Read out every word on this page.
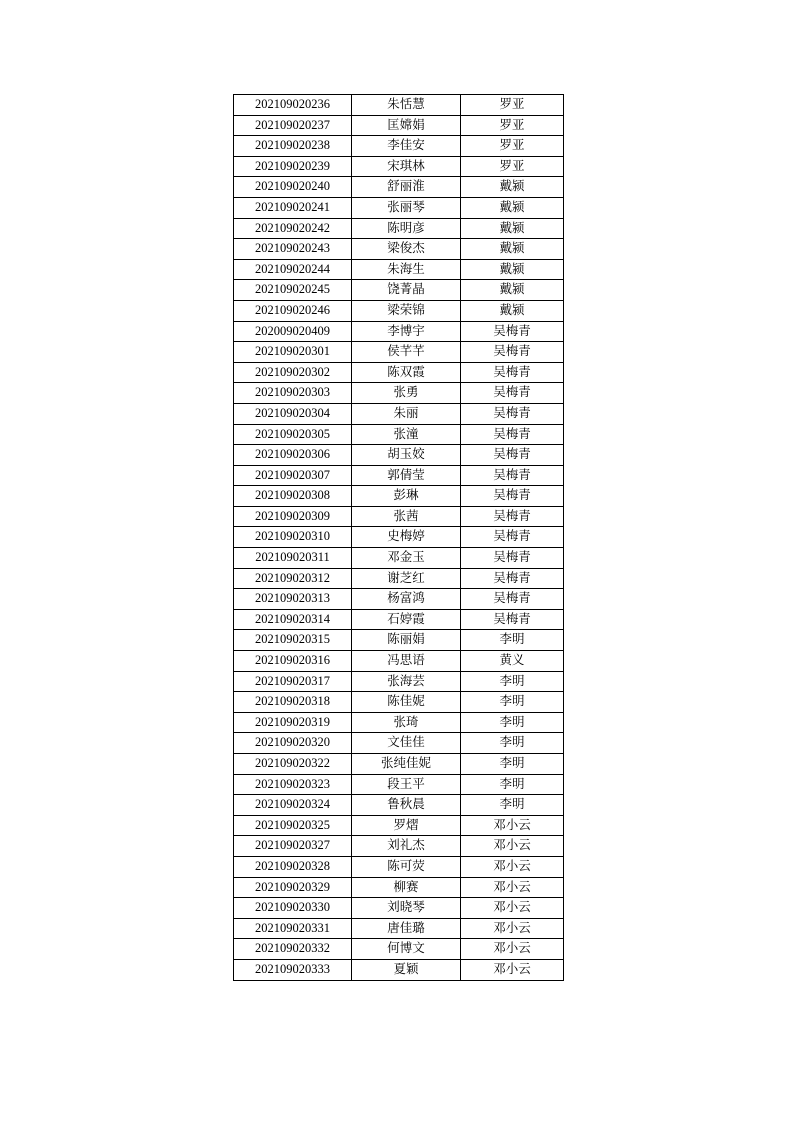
202109020236	朱恬慧	罗亚
202109020237	匡嫦娟	罗亚
202109020238	李佳安	罗亚
202109020239	宋琪林	罗亚
202109020240	舒丽淮	戴颍
202109020241	张丽琴	戴颍
202109020242	陈明彦	戴颍
202109020243	梁俊杰	戴颍
202109020244	朱海生	戴颍
202109020245	饶菁晶	戴颍
202109020246	梁荣锦	戴颍
202009020409	李博宇	吴梅青
202109020301	侯芊芊	吴梅青
202109020302	陈双霞	吴梅青
202109020303	张勇	吴梅青
202109020304	朱丽	吴梅青
202109020305	张潼	吴梅青
202109020306	胡玉姣	吴梅青
202109020307	郭倩莹	吴梅青
202109020308	彭琳	吴梅青
202109020309	张茜	吴梅青
202109020310	史梅婷	吴梅青
202109020311	邓金玉	吴梅青
202109020312	谢芝红	吴梅青
202109020313	杨富鸿	吴梅青
202109020314	石婷霞	吴梅青
202109020315	陈丽娟	李明
202109020316	冯思语	黄义
202109020317	张海芸	李明
202109020318	陈佳妮	李明
202109020319	张琦	李明
202109020320	文佳佳	李明
202109020322	张纯佳妮	李明
202109020323	段王平	李明
202109020324	鲁秋晨	李明
202109020325	罗熠	邓小云
202109020327	刘礼杰	邓小云
202109020328	陈可荧	邓小云
202109020329	柳赛	邓小云
202109020330	刘晓琴	邓小云
202109020331	唐佳璐	邓小云
202109020332	何博文	邓小云
202109020333	夏颖	邓小云
